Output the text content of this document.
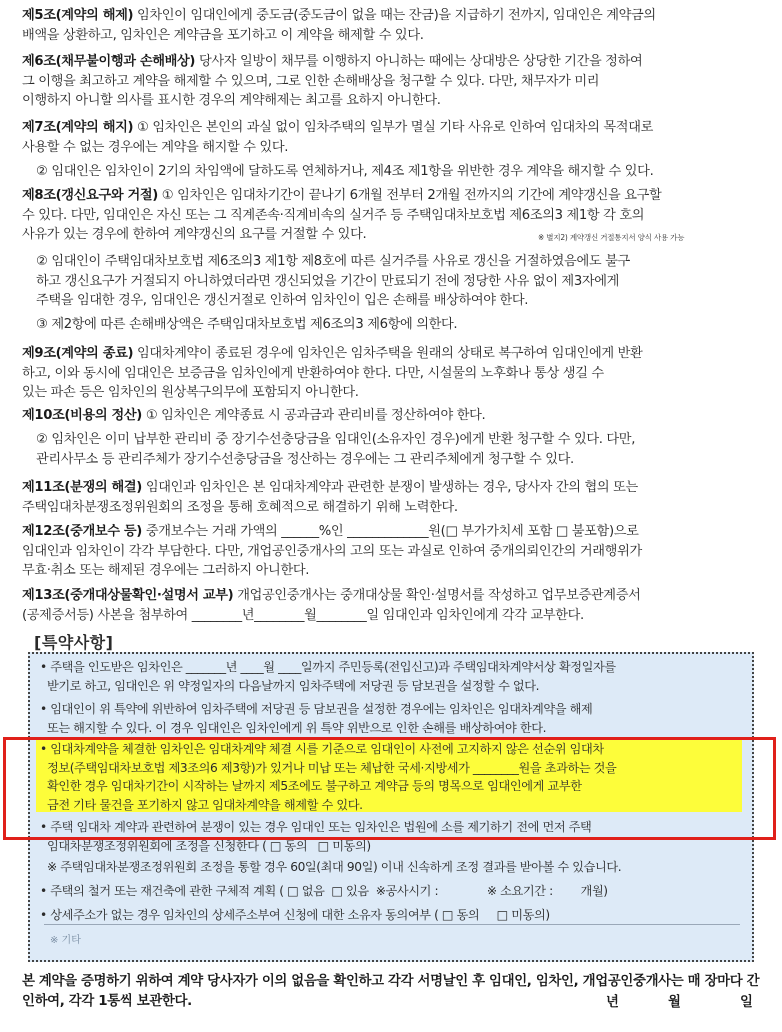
제5조(계약의 해제) 임차인이 임대인에게 중도금(중도금이 없을 때는 잔금)을 지급하기 전까지, 임대인은 계약금의
배액을 상환하고, 임차인은 계약금을 포기하고 이 계약을 해제할 수 있다.
제6조(채무불이행과 손해배상) 당사자 일방이 채무를 이행하지 아니하는 때에는 상대방은 상당한 기간을 정하여
그 이행을 최고하고 계약을 해제할 수 있으며, 그로 인한 손해배상을 청구할 수 있다. 다만, 채무자가 미리
이행하지 아니할 의사를 표시한 경우의 계약해제는 최고를 요하지 아니한다.
제7조(계약의 해지) ① 임차인은 본인의 과실 없이 임차주택의 일부가 멸실 기타 사유로 인하여 임대차의 목적대로
사용할 수 없는 경우에는 계약을 해지할 수 있다.
② 임대인은 임차인이 2기의 차임액에 달하도록 연체하거나, 제4조 제1항을 위반한 경우 계약을 해지할 수 있다.
제8조(갱신요구와 거절) ① 임차인은 임대차기간이 끝나기 6개월 전부터 2개월 전까지의 기간에 계약갱신을 요구할
수 있다. 다만, 임대인은 자신 또는 그 직계존속·직계비속의 실거주 등 주택임대차보호법 제6조의3 제1항 각 호의
사유가 있는 경우에 한하여 계약갱신의 요구를 거절할 수 있다.	※ 별지2) 계약갱신 거절통지서 양식 사용 가능
② 임대인이 주택임대차보호법 제6조의3 제1항 제8호에 따른 실거주를 사유로 갱신을 거절하였음에도 불구
하고 갱신요구가 거절되지 아니하였더라면 갱신되었을 기간이 만료되기 전에 정당한 사유 없이 제3자에게
주택을 임대한 경우, 임대인은 갱신거절로 인하여 임차인이 입은 손해를 배상하여야 한다.
③ 제2항에 따른 손해배상액은 주택임대차보호법 제6조의3 제6항에 의한다.
제9조(계약의 종료) 임대차계약이 종료된 경우에 임차인은 임차주택을 원래의 상태로 복구하여 임대인에게 반환
하고, 이와 동시에 임대인은 보증금을 임차인에게 반환하여야 한다. 다만, 시설물의 노후화나 통상 생길 수
있는 파손 등은 임차인의 원상복구의무에 포함되지 아니한다.
제10조(비용의 정산) ① 임차인은 계약종료 시 공과금과 관리비를 정산하여야 한다.
② 임차인은 이미 납부한 관리비 중 장기수선충당금을 임대인(소유자인 경우)에게 반환 청구할 수 있다. 다만,
관리사무소 등 관리주체가 장기수선충당금을 정산하는 경우에는 그 관리주체에게 청구할 수 있다.
제11조(분쟁의 해결) 임대인과 임차인은 본 임대차계약과 관련한 분쟁이 발생하는 경우, 당사자 간의 협의 또는
주택임대차분쟁조정위원회의 조정을 통해 호혜적으로 해결하기 위해 노력한다.
제12조(중개보수 등) 중개보수는 거래 가액의 ______%인 _____________원(□ 부가가치세 포함 □ 불포함)으로
임대인과 임차인이 각각 부담한다. 다만, 개업공인중개사의 고의 또는 과실로 인하여 중개의뢰인간의 거래행위가
무효·취소 또는 해제된 경우에는 그러하지 아니한다.
제13조(중개대상물확인·설명서 교부) 개업공인중개사는 중개대상물 확인·설명서를 작성하고 업무보증관계증서
(공제증서등) 사본을 첨부하여 ________년________월________일 임대인과 임차인에게 각각 교부한다.
[특약사항]
• 주택을 인도받은 임차인은 _______년 ____월 ____일까지 주민등록(전입신고)과 주택임대차계약서상 확정일자를
받기로 하고, 임대인은 위 약정일자의 다음날까지 임차주택에 저당권 등 담보권을 설정할 수 없다.
• 임대인이 위 특약에 위반하여 임차주택에 저당권 등 담보권을 설정한 경우에는 임차인은 임대차계약을 해제
또는 해지할 수 있다. 이 경우 임대인은 임차인에게 위 특약 위반으로 인한 손해를 배상하여야 한다.
• 임대차계약을 체결한 임차인은 임대차계약 체결 시를 기준으로 임대인이 사전에 고지하지 않은 선순위 임대차
정보(주택임대차보호법 제3조의6 제3항)가 있거나 미납 또는 체납한 국세·지방세가 ________원을 초과하는 것을
확인한 경우 임대차기간이 시작하는 날까지 제5조에도 불구하고 계약금 등의 명목으로 임대인에게 교부한
금전 기타 물건을 포기하지 않고 임대차계약을 해제할 수 있다.
• 주택 임대차 계약과 관련하여 분쟁이 있는 경우 임대인 또는 임차인은 법원에 소를 제기하기 전에 먼저 주택
임대차분쟁조정위원회에 조정을 신청한다 ( □ 동의   □ 미동의)
※ 주택임대차분쟁조정위원회 조정을 통할 경우 60일(최대 90일) 이내 신속하게 조정 결과를 받아볼 수 있습니다.
• 주택의 철거 또는 재건축에 관한 구체적 계획 ( □ 없음  □ 있음  ※공사시기 :              ※ 소요기간 :        개월)
• 상세주소가 없는 경우 임차인의 상세주소부여 신청에 대한 소유자 동의여부 ( □ 동의     □ 미동의)
※ 기타
본 계약을 증명하기 위하여 계약 당사자가 이의 없음을 확인하고 각각 서명날인 후 임대인, 임차인, 개업공인중개사는 매 장마다 간인하여, 각각 1통씩 보관한다.	년	월	일
